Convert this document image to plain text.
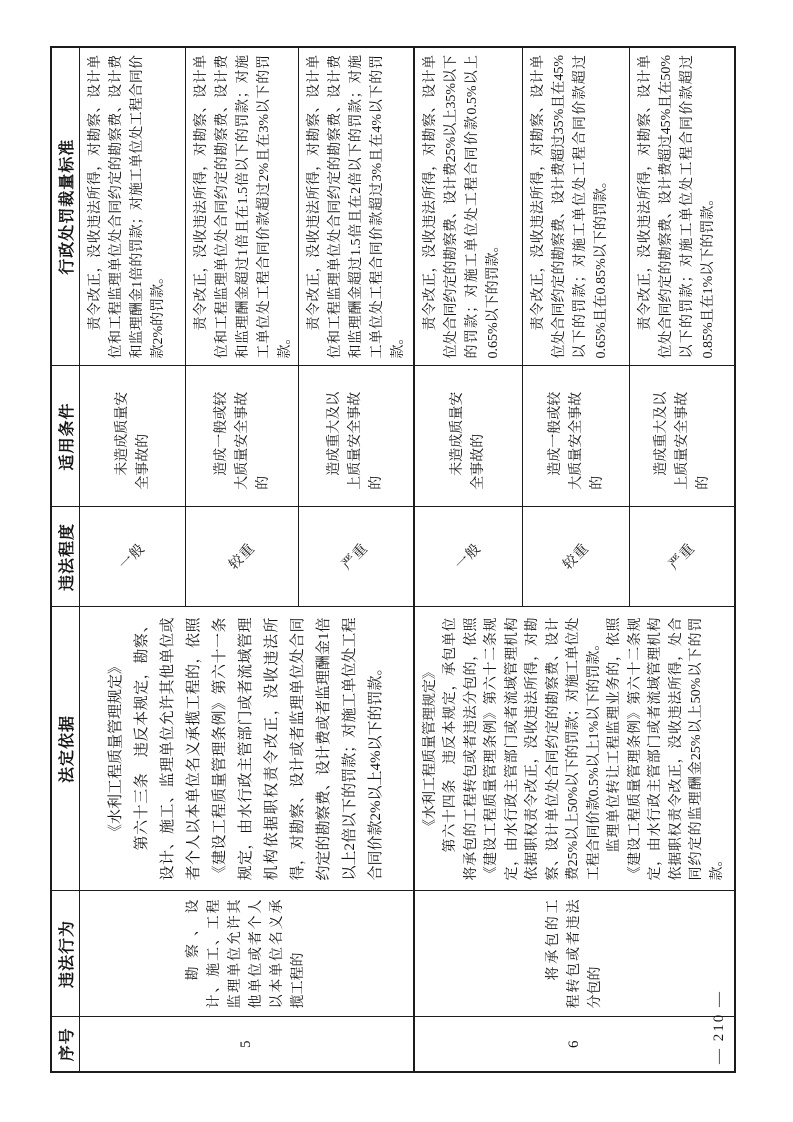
序号	违法行为	法定依据	违法程度	适用条件	行政处罚裁量标准
5	勘察、设计、施工、工程监理单位允许其他单位或者个人以本单位名义承揽工程的	《水利工程质量管理规定》 第六十三条　违反本规定，勘察、设计、施工、监理单位允许其他单位或者个人以本单位名义承揽工程的，依照《建设工程质量管理条例》第六十一条规定，由水行政主管部门或者流域管理机构依据职权责令改正，没收违法所得，对勘察、设计或者监理单位处合同约定的勘察费、设计费或者监理酬金1倍以上2倍以下的罚款；对施工单位处工程合同价款2%以上4%以下的罚款。	一般	未造成质量安全事故的	责令改正，没收违法所得，对勘察、设计单位和工程监理单位处合同约定的勘察费、设计费和监理酬金1倍的罚款；对施工单位处工程合同价款2%的罚款。

			较重	造成一般或较大质量安全事故的	责令改正，没收违法所得，对勘察、设计单位和工程监理单位处合同约定的勘察费、设计费和监理酬金超过1倍且在1.5倍以下的罚款；对施工单位处工程合同价款超过2%且在3%以下的罚款。

			严重	造成重大及以上质量安全事故的	责令改正，没收违法所得，对勘察、设计单位和工程监理单位处合同约定的勘察费、设计费和监理酬金超过1.5倍且在2倍以下的罚款；对施工单位处工程合同价款超过3%且在4%以下的罚款。

6	将承包的工程转包或者违法分包的	《水利工程质量管理规定》 第六十四条　违反本规定，承包单位将承包的工程转包或者违法分包的，依照《建设工程质量管理条例》第六十二条规定，由水行政主管部门或者流域管理机构依据职权责令改正，没收违法所得，对勘察、设计单位处合同约定的勘察费、设计费25%以上50%以下的罚款；对施工单位处工程合同价款0.5%以上1%以下的罚款。 监理单位转让工程监理业务的，依照《建设工程质量管理条例》第六十二条规定，由水行政主管部门或者流域管理机构依据职权责令改正，没收违法所得，处合同约定的监理酬金25%以上50%以下的罚款。	一般	未造成质量安全事故的	责令改正，没收违法所得，对勘察、设计单位处合同约定的勘察费、设计费25%以上35%以下的罚款；对施工单位处工程合同价款0.5%以上0.65%以下的罚款。

			较重	造成一般或较大质量安全事故的	责令改正，没收违法所得，对勘察、设计单位处合同约定的勘察费、设计费超过35%且在45%以下的罚款；对施工单位处工程合同价款超过0.65%且在0.85%以下的罚款。

			严重	造成重大及以上质量安全事故的	责令改正，没收违法所得，对勘察、设计单位处合同约定的勘察费、设计费超过45%且在50%以下的罚款；对施工单位处工程合同价款超过0.85%且在1%以下的罚款。

— 210 —
